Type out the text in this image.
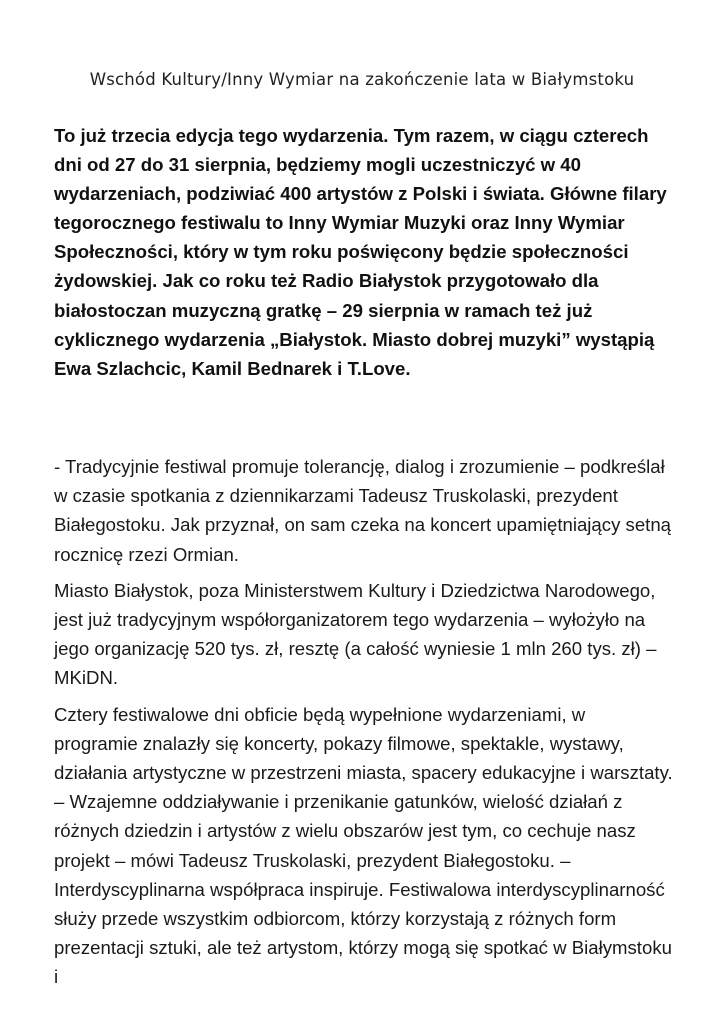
Wschód Kultury/Inny Wymiar na zakończenie lata w Białymstoku

To już trzecia edycja tego wydarzenia. Tym razem, w ciągu czterech dni od 27 do 31 sierpnia, będziemy mogli uczestniczyć w 40 wydarzeniach, podziwiać 400 artystów z Polski i świata. Główne filary tegorocznego festiwalu to Inny Wymiar Muzyki oraz Inny Wymiar Społeczności, który w tym roku poświęcony będzie społeczności żydowskiej. Jak co roku też Radio Białystok przygotowało dla białostoczan muzyczną gratkę – 29 sierpnia w ramach też już cyklicznego wydarzenia „Białystok. Miasto dobrej muzyki” wystąpią Ewa Szlachcic, Kamil Bednarek i T.Love.

- Tradycyjnie festiwal promuje tolerancję, dialog i zrozumienie – podkreślał w czasie spotkania z dziennikarzami Tadeusz Truskolaski, prezydent Białegostoku. Jak przyznał, on sam czeka na koncert upamiętniający setną rocznicę rzezi Ormian.

Miasto Białystok, poza Ministerstwem Kultury i Dziedzictwa Narodowego, jest już tradycyjnym współorganizatorem tego wydarzenia – wyłożyło na jego organizację 520 tys. zł, resztę (a całość wyniesie 1 mln 260 tys. zł) – MKiDN.

Cztery festiwalowe dni obficie będą wypełnione wydarzeniami, w programie znalazły się koncerty, pokazy filmowe, spektakle, wystawy, działania artystyczne w przestrzeni miasta, spacery edukacyjne i warsztaty. – Wzajemne oddziaływanie i przenikanie gatunków, wielość działań z różnych dziedzin i artystów z wielu obszarów jest tym, co cechuje nasz projekt – mówi Tadeusz Truskolaski, prezydent Białegostoku. – Interdyscyplinarna współpraca inspiruje. Festiwalowa interdyscyplinarność służy przede wszystkim odbiorcom, którzy korzystają z różnych form prezentacji sztuki, ale też artystom, którzy mogą się spotkać w Białymstoku i
